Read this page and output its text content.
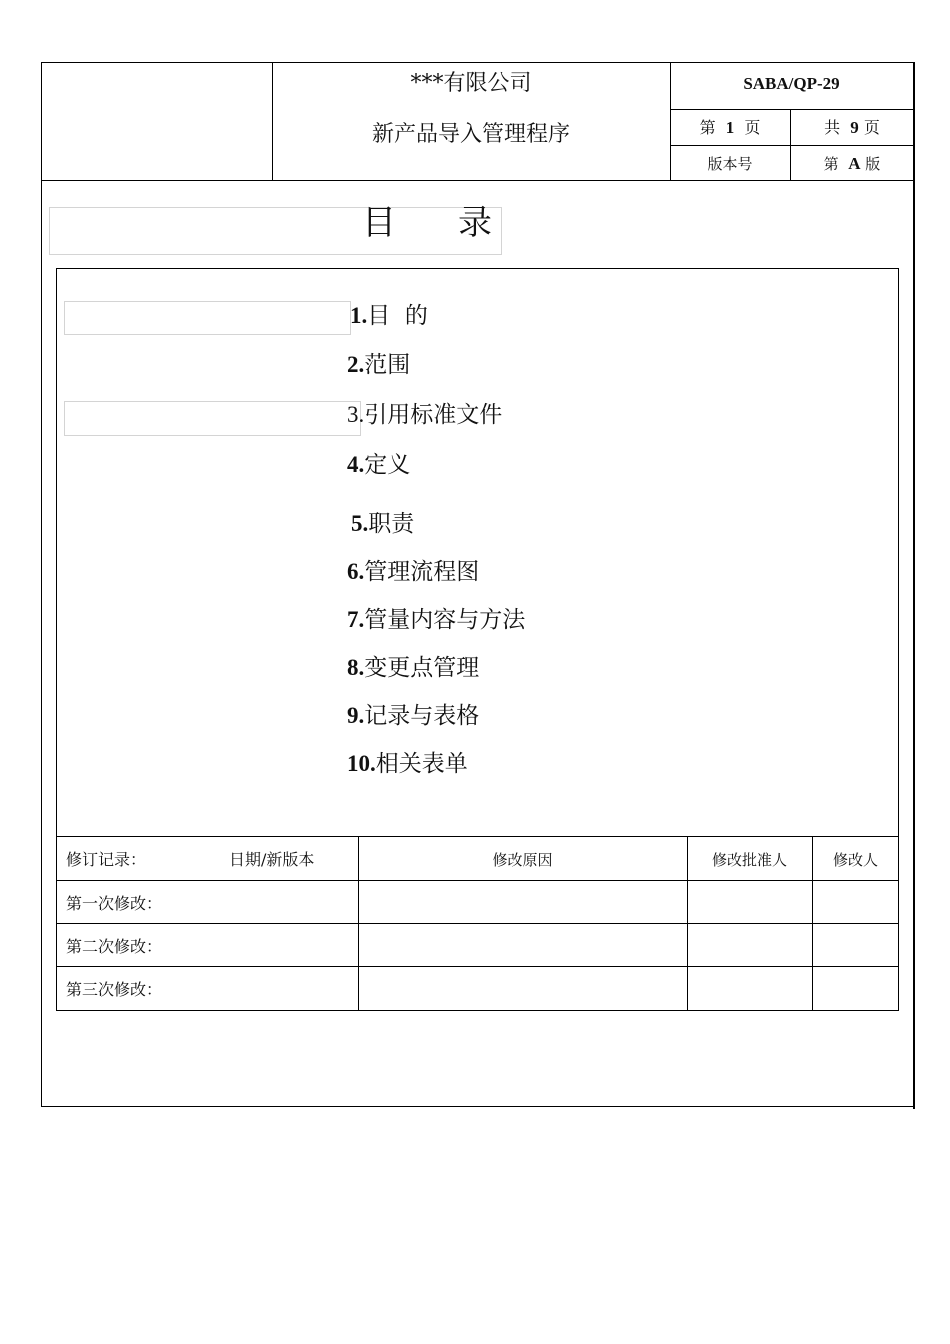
***有限公司
新产品导入管理程序
SABA/QP-29
第 1 页	共 9 页
版本号	第 A 版
目录
1.目  的
2.范围
3.引用标准文件
4.定义
5.职责
6.管理流程图
7.管量内容与方法
8.变更点管理
9.记录与表格
10.相关表单
修订记录：	日期/新版本	修改原因	修改批准人	修改人
第一次修改：
第二次修改：
第三次修改：
